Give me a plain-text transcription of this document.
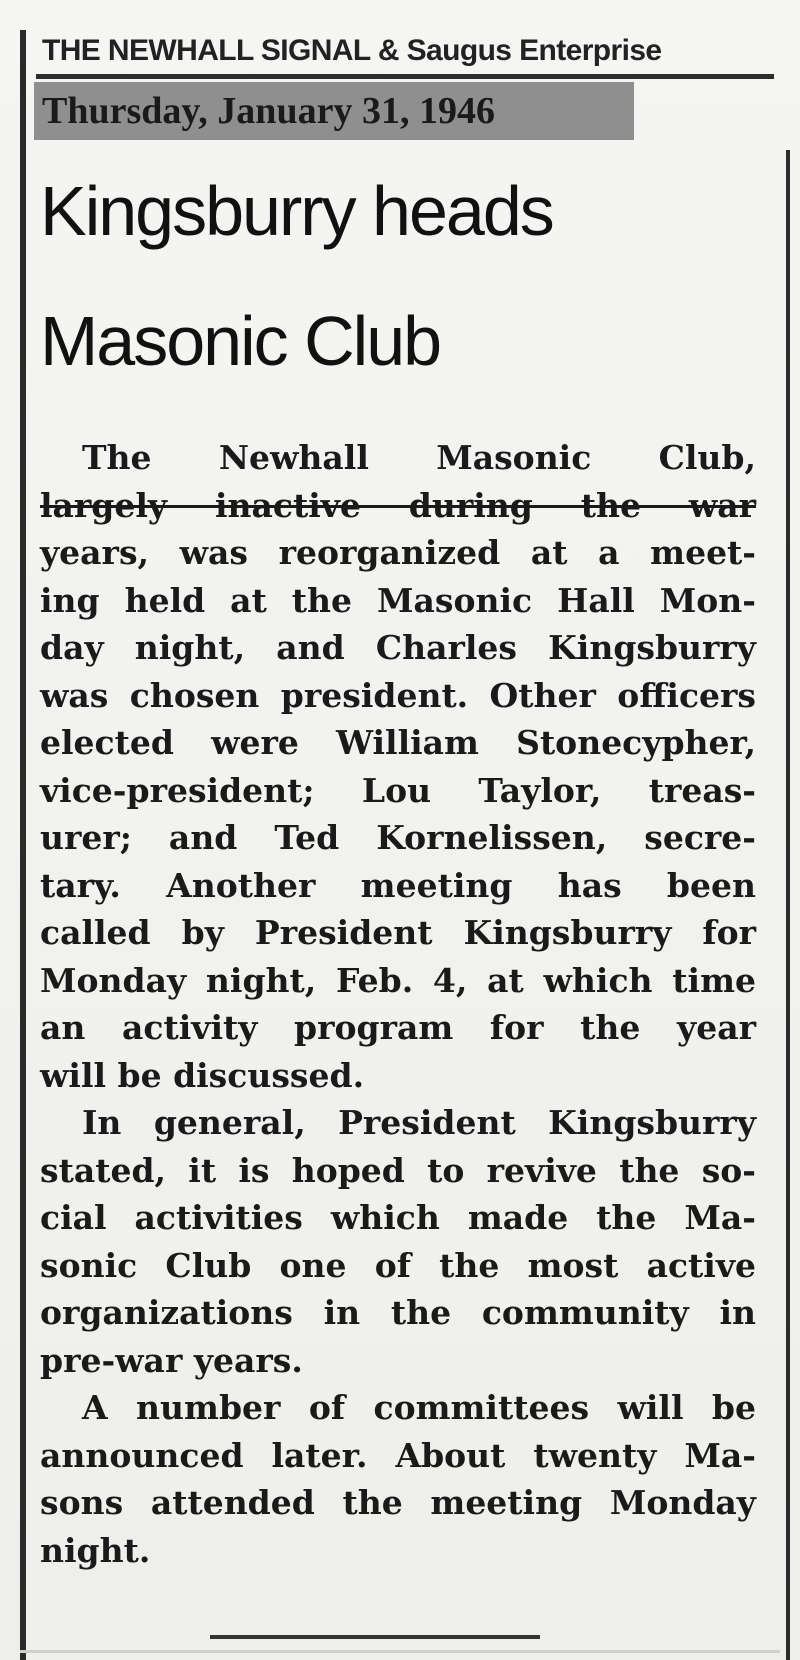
THE NEWHALL SIGNAL & Saugus Enterprise
Thursday, January 31, 1946
Kingsburry heads
Masonic Club
The Newhall Masonic Club,
largely inactive during the war
years, was reorganized at a meet-
ing held at the Masonic Hall Mon-
day night, and Charles Kingsburry
was chosen president. Other officers
elected were William Stonecypher,
vice-president; Lou Taylor, treas-
urer; and Ted Kornelissen, secre-
tary. Another meeting has been
called by President Kingsburry for
Monday night, Feb. 4, at which time
an activity program for the year
will be discussed.
In general, President Kingsburry
stated, it is hoped to revive the so-
cial activities which made the Ma-
sonic Club one of the most active
organizations in the community in
pre-war years.
A number of committees will be
announced later. About twenty Ma-
sons attended the meeting Monday
night.
